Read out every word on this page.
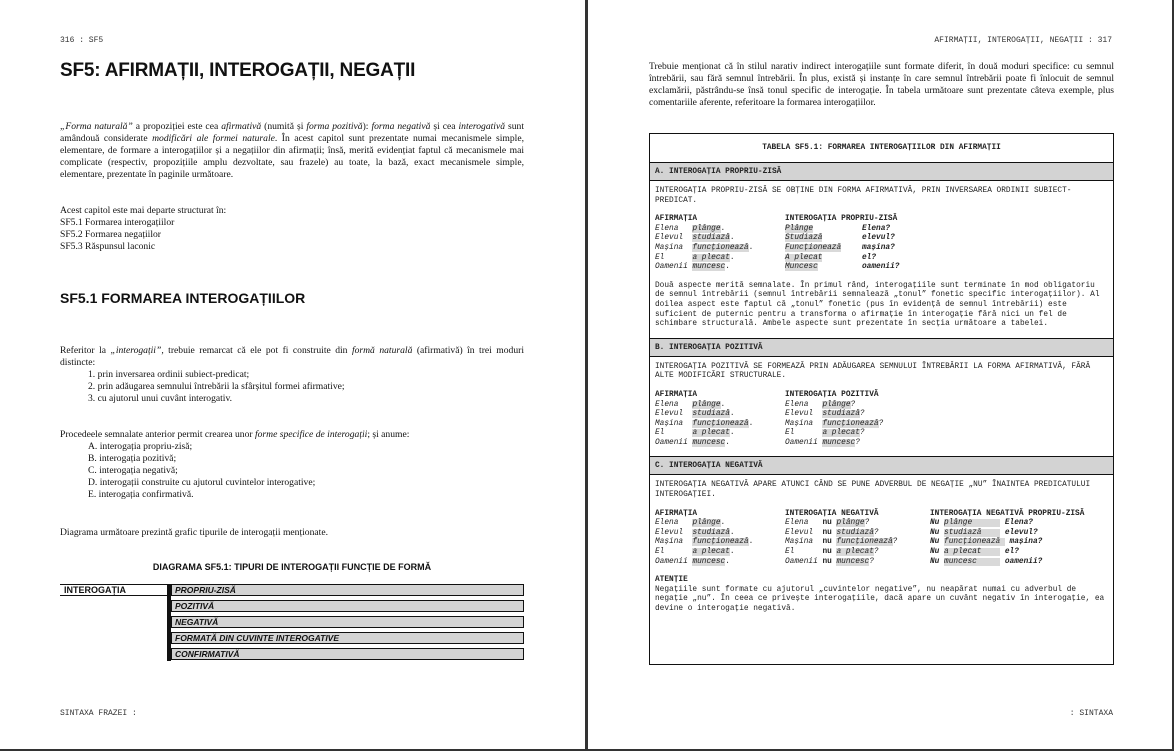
316 : SF5
SF5: AFIRMAȚII, INTEROGAȚII, NEGAȚII
„Forma naturală” a propoziției este cea afirmativă (numită și forma pozitivă): forma negativă și cea interogativă sunt amândouă considerate modificări ale formei naturale. În acest capitol sunt prezentate numai mecanismele simple, elementare, de formare a interogațiilor și a negațiilor din afirmații; însă, merită evidențiat faptul că mecanismele mai complicate (respectiv, propozițiile amplu dezvoltate, sau frazele) au toate, la bază, exact mecanismele simple, elementare, prezentate în paginile următoare.
Acest capitol este mai departe structurat în:
SF5.1 Formarea interogațiilor
SF5.2 Formarea negațiilor
SF5.3 Răspunsul laconic
SF5.1 FORMAREA INTEROGAȚIILOR
Referitor la „interogații”, trebuie remarcat că ele pot fi construite din formă naturală (afirmativă) în trei moduri distincte:
1. prin inversarea ordinii subiect-predicat;
2. prin adăugarea semnului întrebării la sfârșitul formei afirmative;
3. cu ajutorul unui cuvânt interogativ.
Procedeele semnalate anterior permit crearea unor forme specifice de interogații; și anume:
A. interogația propriu-zisă;
B. interogația pozitivă;
C. interogația negativă;
D. interogații construite cu ajutorul cuvintelor interogative;
E. interogația confirmativă.
Diagrama următoare prezintă grafic tipurile de interogații menționate.
DIAGRAMA SF5.1: TIPURI DE INTEROGAȚII FUNCȚIE DE FORMĂ
INTEROGAȚIA	PROPRIU-ZISĂ
POZITIVĂ
NEGATIVĂ
FORMATĂ DIN CUVINTE INTEROGATIVE
CONFIRMATIVĂ
SINTAXA FRAZEI :
AFIRMAȚII, INTEROGAȚII, NEGAȚII : 317
Trebuie menționat că în stilul narativ indirect interogațiile sunt formate diferit, în două moduri specifice: cu semnul întrebării, sau fără semnul întrebării. În plus, există și instanțe în care semnul întrebării poate fi înlocuit de semnul exclamării, păstrându-se însă tonul specific de interogație. În tabela următoare sunt prezentate câteva exemple, plus comentariile aferente, referitoare la formarea interogațiilor.
: SINTAXA
TABELA SF5.1: FORMAREA INTEROGAȚIILOR DIN AFIRMAȚII
A. INTEROGAȚIA PROPRIU-ZISĂ
INTEROGAȚIA PROPRIU-ZISĂ SE OBȚINE DIN FORMA AFIRMATIVĂ, PRIN INVERSAREA ORDINII SUBIECT-PREDICAT.
AFIRMAȚIA	INTEROGAȚIA PROPRIU-ZISĂ
Elena   plânge.	Plânge	Elena?
Elevul  studiază.	Studiază	elevul?
Mașina  funcționează.	Funcționează	mașina?
El      a plecat.	A plecat	el?
Oamenii muncesc.	Muncesc	oamenii?
Două aspecte merită semnalate. În primul rând, interogațiile sunt terminate în mod obligatoriu de semnul întrebării (semnul întrebării semnalează „tonul” fonetic specific interogațiilor). Al doilea aspect este faptul că „tonul” fonetic (pus în evidență de semnul întrebării) este suficient de puternic pentru a transforma o afirmație în interogație fără nici un fel de schimbare structurală. Ambele aspecte sunt prezentate în secția următoare a tabelei.
B. INTEROGAȚIA POZITIVĂ
INTEROGAȚIA POZITIVĂ SE FORMEAZĂ PRIN ADĂUGAREA SEMNULUI ÎNTREBĂRII LA FORMA AFIRMATIVĂ, FĂRĂ ALTE MODIFICĂRI STRUCTURALE.
AFIRMAȚIA	INTEROGAȚIA POZITIVĂ
Elena   plânge.	Elena   plânge?
Elevul  studiază.	Elevul  studiază?
Mașina  funcționează.	Mașina  funcționează?
El      a plecat.	El      a plecat?
Oamenii muncesc.	Oamenii muncesc?
C. INTEROGAȚIA NEGATIVĂ
INTEROGAȚIA NEGATIVĂ APARE ATUNCI CÂND SE PUNE ADVERBUL DE NEGAȚIE „NU” ÎNAINTEA PREDICATULUI INTEROGAȚIEI.
AFIRMAȚIA	INTEROGAȚIA NEGATIVĂ	INTEROGAȚIA NEGATIVĂ PROPRIU-ZISĂ
Elena   plânge.	Elena   nu plânge?	Nu plânge       Elena?
Elevul  studiază.	Elevul  nu studiază?	Nu studiază     elevul?
Mașina  funcționează.	Mașina  nu funcționează?	Nu funcționează  mașina?
El      a plecat.	El      nu a plecat?	Nu a plecat     el?
Oamenii muncesc.	Oamenii nu muncesc?	Nu muncesc      oamenii?
ATENȚIE
Negațiile sunt formate cu ajutorul „cuvintelor negative”, nu neapărat numai cu adverbul de negație „nu”. În ceea ce privește interogațiile, dacă apare un cuvânt negativ în interogație, ea devine o interogație negativă.
